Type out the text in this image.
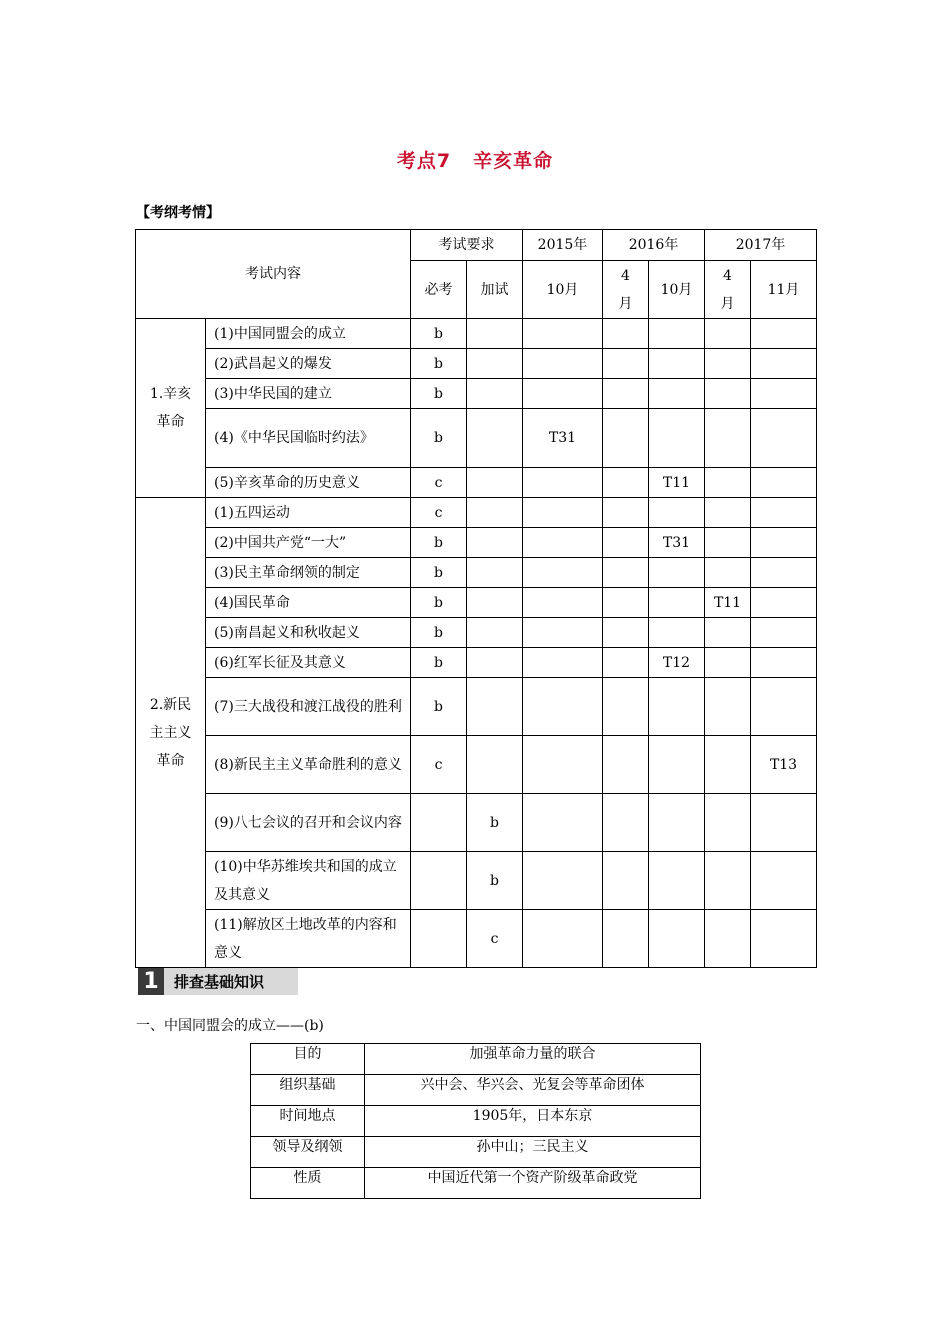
考点7 辛亥革命
【考纲考情】
考试内容		考试要求		2015年	2016年		2017年	
		必考	加试	10月	4
月	10月	4
月	11月
1.辛亥
革命	(1)中国同盟会的成立	b						
	(2)武昌起义的爆发	b						
	(3)中华民国的建立	b						
	(4)《中华民国临时约法》	b		T31				
	(5)辛亥革命的历史意义	c				T11		
2.新民
主主义
革命	(1)五四运动	c						
	(2)中国共产党“一大”	b				T31		
	(3)民主革命纲领的制定	b						
	(4)国民革命	b					T11	
	(5)南昌起义和秋收起义	b						
	(6)红军长征及其意义	b				T12		
	(7)三大战役和渡江战役的胜利	b						
	(8)新民主主义革命胜利的意义	c						T13
	(9)八七会议的召开和会议内容		b					
	(10)中华苏维埃共和国的成立及其意义		b					
	(11)解放区土地改革的内容和意义		c					
1	排查基础知识
一、中国同盟会的成立——(b)
目的	加强革命力量的联合
组织基础	兴中会、华兴会、光复会等革命团体
时间地点	1905年，日本东京
领导及纲领	孙中山；三民主义
性质	中国近代第一个资产阶级革命政党
